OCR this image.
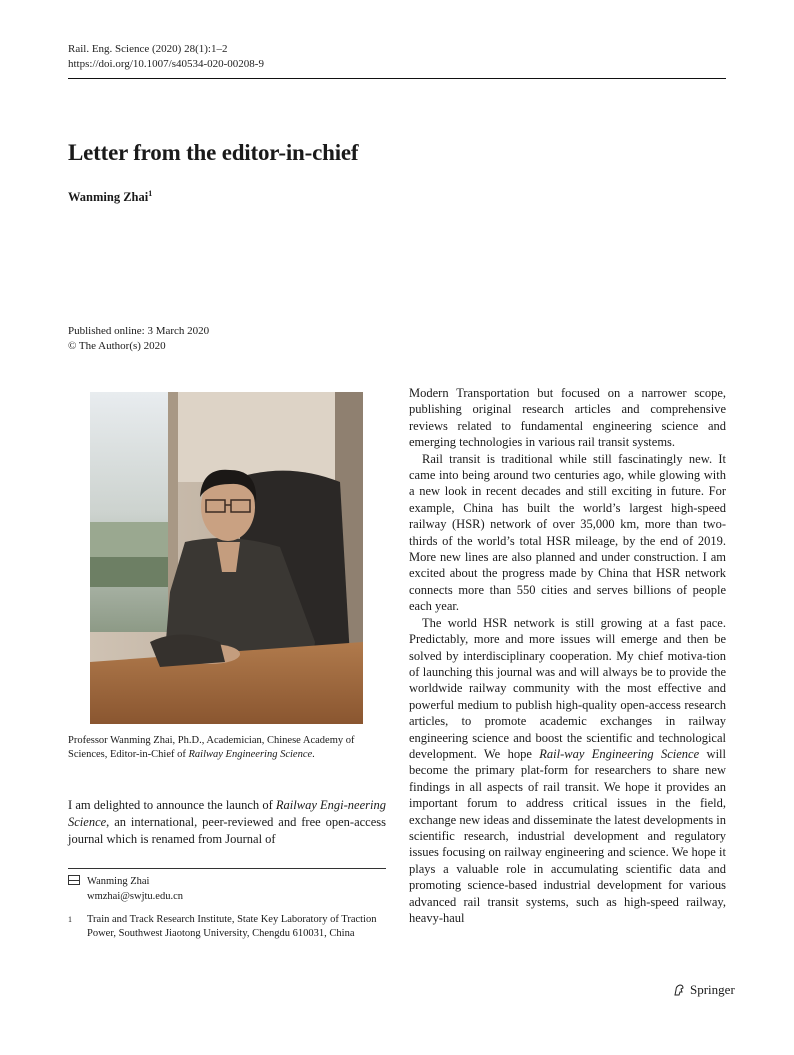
Rail. Eng. Science (2020) 28(1):1–2
https://doi.org/10.1007/s40534-020-00208-9
Letter from the editor-in-chief
Wanming Zhai$^1$
Published online: 3 March 2020
© The Author(s) 2020
Professor Wanming Zhai, Ph.D., Academician, Chinese Academy of Sciences, Editor-in-Chief of Railway Engineering Science.
I am delighted to announce the launch of Railway Engi-neering Science, an international, peer-reviewed and free open-access journal which is renamed from Journal of
Wanming Zhai
wmzhai@swjtu.edu.cn
1 Train and Track Research Institute, State Key Laboratory of Traction Power, Southwest Jiaotong University, Chengdu 610031, China

Modern Transportation but focused on a narrower scope, publishing original research articles and comprehensive reviews related to fundamental engineering science and emerging technologies in various rail transit systems.

Rail transit is traditional while still fascinatingly new. It came into being around two centuries ago, while glowing with a new look in recent decades and still exciting in future. For example, China has built the world’s largest high-speed railway (HSR) network of over 35,000 km, more than two-thirds of the world’s total HSR mileage, by the end of 2019. More new lines are also planned and under construction. I am excited about the progress made by China that HSR network connects more than 550 cities and serves billions of people each year.

The world HSR network is still growing at a fast pace. Predictably, more and more issues will emerge and then be solved by interdisciplinary cooperation. My chief motiva-tion of launching this journal was and will always be to provide the worldwide railway community with the most effective and powerful medium to publish high-quality open-access research articles, to promote academic exchanges in railway engineering science and boost the scientific and technological development. We hope Rail-way Engineering Science will become the primary plat-form for researchers to share new findings in all aspects of rail transit. We hope it provides an important forum to address critical issues in the field, exchange new ideas and disseminate the latest developments in scientific research, industrial development and regulatory issues focusing on railway engineering and science. We hope it plays a valuable role in accumulating scientific data and promoting science-based industrial development for various advanced rail transit systems, such as high-speed railway, heavy-haul

Springer
